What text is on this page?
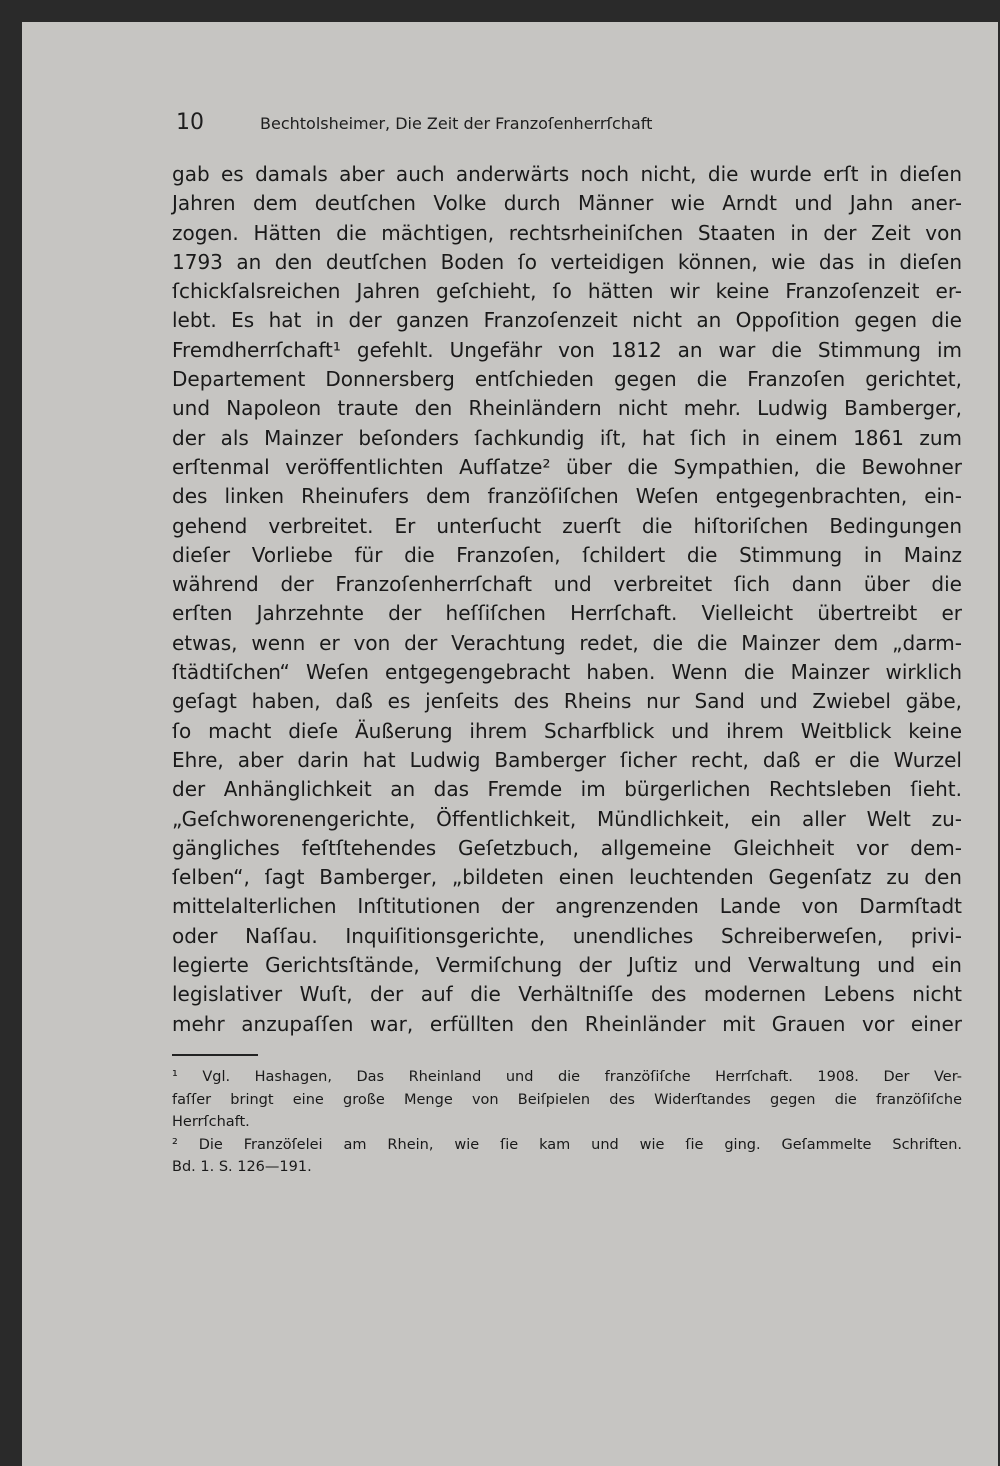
10	Bechtolsheimer, Die Zeit der Franzoſenherrſchaft
gab es damals aber auch anderwärts noch nicht, die wurde erſt in dieſen
Jahren dem deutſchen Volke durch Männer wie Arndt und Jahn aner-
zogen. Hätten die mächtigen, rechtsrheiniſchen Staaten in der Zeit von
1793 an den deutſchen Boden ſo verteidigen können, wie das in dieſen
ſchickſalsreichen Jahren geſchieht, ſo hätten wir keine Franzoſenzeit er-
lebt. Es hat in der ganzen Franzoſenzeit nicht an Oppoſition gegen die
Fremdherrſchaft¹ gefehlt. Ungefähr von 1812 an war die Stimmung im
Departement Donnersberg entſchieden gegen die Franzoſen gerichtet,
und Napoleon traute den Rheinländern nicht mehr. Ludwig Bamberger,
der als Mainzer beſonders ſachkundig iſt, hat ſich in einem 1861 zum
erſtenmal veröffentlichten Aufſatze² über die Sympathien, die Bewohner
des linken Rheinufers dem franzöſiſchen Weſen entgegenbrachten, ein-
gehend verbreitet. Er unterſucht zuerſt die hiſtoriſchen Bedingungen
dieſer Vorliebe für die Franzoſen, ſchildert die Stimmung in Mainz
während der Franzoſenherrſchaft und verbreitet ſich dann über die
erſten Jahrzehnte der heſſiſchen Herrſchaft. Vielleicht übertreibt er
etwas, wenn er von der Verachtung redet, die die Mainzer dem „darm-
ſtädtiſchen“ Weſen entgegengebracht haben. Wenn die Mainzer wirklich
geſagt haben, daß es jenſeits des Rheins nur Sand und Zwiebel gäbe,
ſo macht dieſe Äußerung ihrem Scharfblick und ihrem Weitblick keine
Ehre, aber darin hat Ludwig Bamberger ſicher recht, daß er die Wurzel
der Anhänglichkeit an das Fremde im bürgerlichen Rechtsleben ſieht.
„Geſchworenengerichte, Öffentlichkeit, Mündlichkeit, ein aller Welt zu-
gängliches feſtſtehendes Geſetzbuch, allgemeine Gleichheit vor dem-
ſelben“, ſagt Bamberger, „bildeten einen leuchtenden Gegenſatz zu den
mittelalterlichen Inſtitutionen der angrenzenden Lande von Darmſtadt
oder Naſſau. Inquiſitionsgerichte, unendliches Schreiberweſen, privi-
legierte Gerichtsſtände, Vermiſchung der Juſtiz und Verwaltung und ein
legislativer Wuſt, der auf die Verhältniſſe des modernen Lebens nicht
mehr anzupaſſen war, erfüllten den Rheinländer mit Grauen vor einer
¹ Vgl. Hashagen, Das Rheinland und die franzöſiſche Herrſchaft. 1908. Der Ver-
faſſer bringt eine große Menge von Beiſpielen des Widerſtandes gegen die franzöſiſche
Herrſchaft.
² Die Franzöſelei am Rhein, wie ſie kam und wie ſie ging. Geſammelte Schriften.
Bd. 1. S. 126—191.
